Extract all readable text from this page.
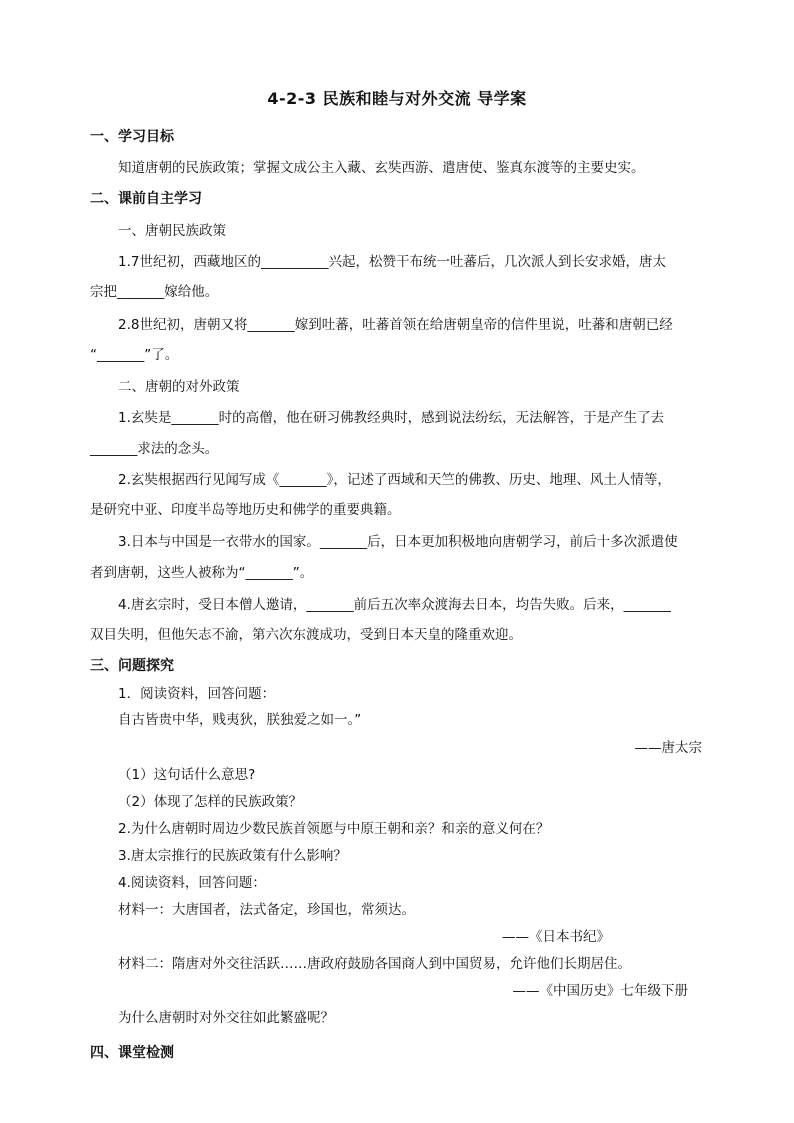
4-2-3 民族和睦与对外交流 导学案
一、学习目标
知道唐朝的民族政策；掌握文成公主入藏、玄奘西游、遣唐使、鉴真东渡等的主要史实。
二、课前自主学习
一、唐朝民族政策
1.7世纪初，西藏地区的__________兴起，松赞干布统一吐蕃后，几次派人到长安求婚，唐太
宗把_______嫁给他。
2.8世纪初，唐朝又将_______嫁到吐蕃，吐蕃首领在给唐朝皇帝的信件里说，吐蕃和唐朝已经
“_______”了。
二、唐朝的对外政策
1.玄奘是_______时的高僧，他在研习佛教经典时，感到说法纷纭，无法解答，于是产生了去
_______求法的念头。
2.玄奘根据西行见闻写成《_______》，记述了西域和天竺的佛教、历史、地理、风土人情等，
是研究中亚、印度半岛等地历史和佛学的重要典籍。
3.日本与中国是一衣带水的国家。_______后，日本更加积极地向唐朝学习，前后十多次派遣使
者到唐朝，这些人被称为“_______”。
4.唐玄宗时，受日本僧人邀请，_______前后五次率众渡海去日本，均告失败。后来，_______
双目失明，但他矢志不渝，第六次东渡成功，受到日本天皇的隆重欢迎。
三、问题探究
1．阅读资料，回答问题：
自古皆贵中华，贱夷狄，朕独爱之如一。”
——唐太宗
（1）这句话什么意思?
（2）体现了怎样的民族政策？
2.为什么唐朝时周边少数民族首领愿与中原王朝和亲？和亲的意义何在？
3.唐太宗推行的民族政策有什么影响？
4.阅读资料，回答问题：
材料一：大唐国者，法式备定，珍国也，常须达。
——《日本书纪》
材料二：隋唐对外交往活跃……唐政府鼓励各国商人到中国贸易，允许他们长期居住。
——《中国历史》七年级下册
为什么唐朝时对外交往如此繁盛呢？
四、课堂检测
